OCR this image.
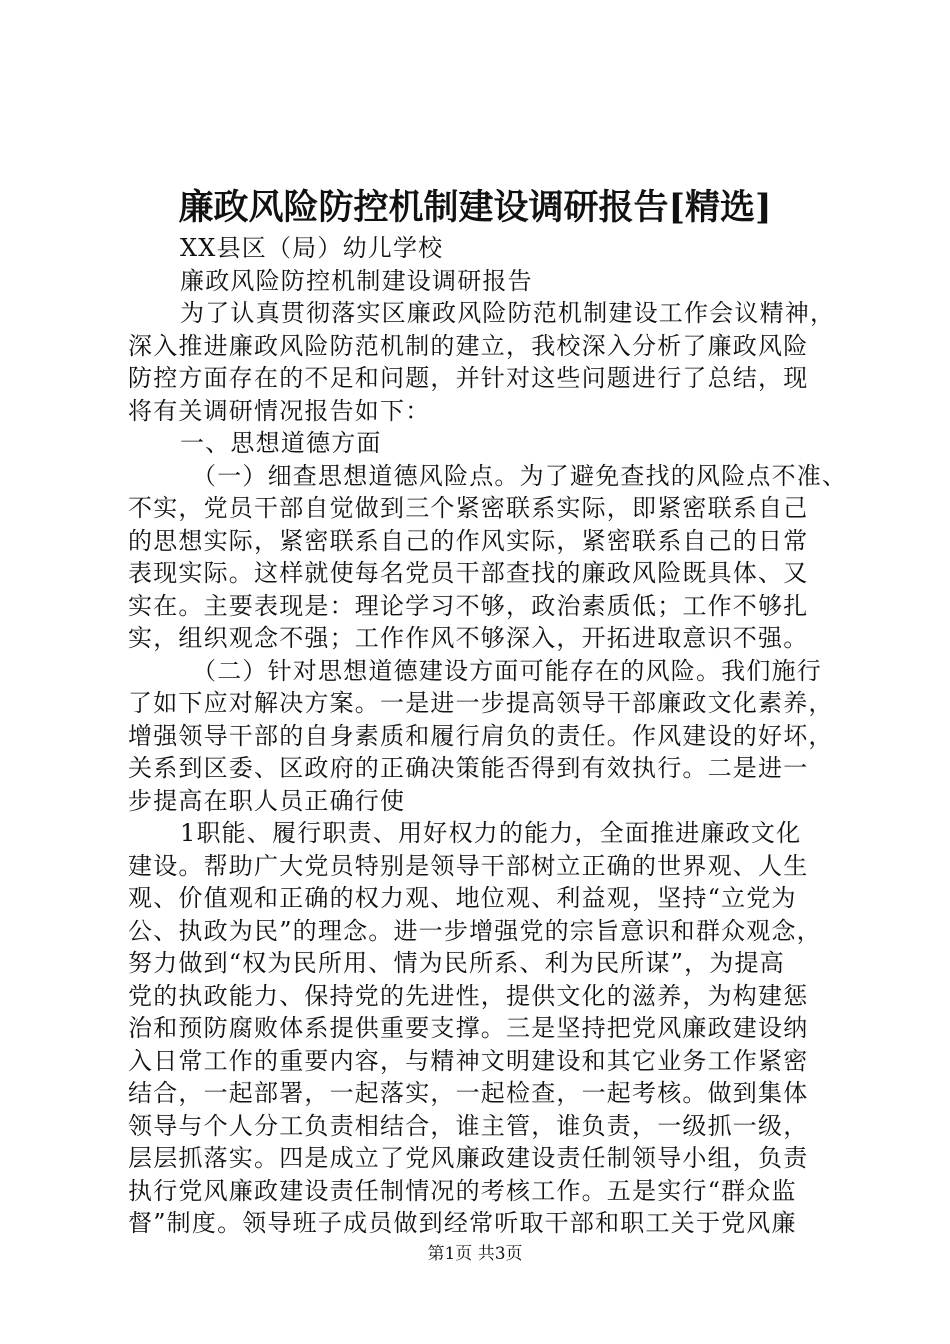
廉政风险防控机制建设调研报告[精选]
XX县区（局）幼儿学校
廉政风险防控机制建设调研报告
为了认真贯彻落实区廉政风险防范机制建设工作会议精神，
深入推进廉政风险防范机制的建立，我校深入分析了廉政风险
防控方面存在的不足和问题，并针对这些问题进行了总结，现
将有关调研情况报告如下：
一、思想道德方面
（一）细查思想道德风险点。为了避免查找的风险点不准、
不实，党员干部自觉做到三个紧密联系实际，即紧密联系自己
的思想实际，紧密联系自己的作风实际，紧密联系自己的日常
表现实际。这样就使每名党员干部查找的廉政风险既具体、又
实在。主要表现是：理论学习不够，政治素质低；工作不够扎
实，组织观念不强；工作作风不够深入，开拓进取意识不强。
（二）针对思想道德建设方面可能存在的风险。我们施行
了如下应对解决方案。一是进一步提高领导干部廉政文化素养，
增强领导干部的自身素质和履行肩负的责任。作风建设的好坏，
关系到区委、区政府的正确决策能否得到有效执行。二是进一
步提高在职人员正确行使
1职能、履行职责、用好权力的能力，全面推进廉政文化
建设。帮助广大党员特别是领导干部树立正确的世界观、人生
观、价值观和正确的权力观、地位观、利益观，坚持“立党为
公、执政为民”的理念。进一步增强党的宗旨意识和群众观念，
努力做到“权为民所用、情为民所系、利为民所谋”，为提高
党的执政能力、保持党的先进性，提供文化的滋养，为构建惩
治和预防腐败体系提供重要支撑。三是坚持把党风廉政建设纳
入日常工作的重要内容，与精神文明建设和其它业务工作紧密
结合，一起部署，一起落实，一起检查，一起考核。做到集体
领导与个人分工负责相结合，谁主管，谁负责，一级抓一级，
层层抓落实。四是成立了党风廉政建设责任制领导小组，负责
执行党风廉政建设责任制情况的考核工作。五是实行“群众监
督”制度。领导班子成员做到经常听取干部和职工关于党风廉
第1页 共3页
